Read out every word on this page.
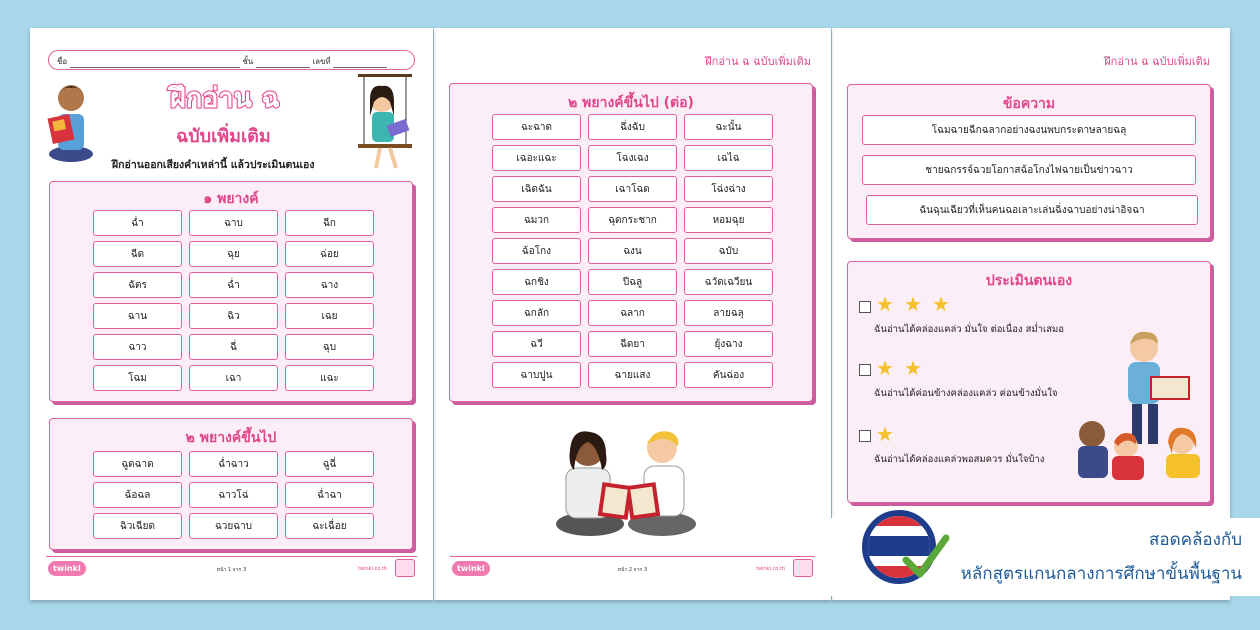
ชื่อ	ชั้น	เลขที่
ฝึกอ่าน ฉ
ฉบับเพิ่มเติม
ฝึกอ่านออกเสียงคำเหล่านี้ แล้วประเมินตนเอง
๑ พยางค์
ฉ่ำ	ฉาบ	ฉีก
ฉีด	ฉุย	ฉ่อย
ฉัตร	ฉ่ำ	ฉาง
ฉาน	ฉิว	เฉย
ฉาว	ฉี่	ฉุบ
โฉม	เฉา	แฉะ
๒ พยางค์ขึ้นไป
ฉูดฉาด	ฉ่ำฉาว	ฉูฉี่
ฉ้อฉล	ฉาวโฉ่	ฉ่ำฉา
ฉิวเฉียด	ฉวยฉาบ	ฉะเฉื่อย
twinkl	หน้า 1 จาก 3	twinkl.co.th
ฝึกอ่าน ฉ ฉบับเพิ่มเติม
๒ พยางค์ขึ้นไป (ต่อ)
ฉะฉาด	ฉึ่งฉับ	ฉะนั้น
เฉอะแฉะ	โฉงเฉง	เฉไฉ
เฉิดฉัน	เฉาโฉด	โฉ่งฉ่าง
ฉมวก	ฉุดกระชาก	หอมฉุย
ฉ้อโกง	ฉงน	ฉบับ
ฉกชิง	ปีฉลู	ฉวัดเฉวียน
ฉกลัก	ฉลาก	ลายฉลุ
ฉวี	ฉีดยา	ยุ้งฉาง
ฉาบปูน	ฉายแสง	คันฉ่อง
twinkl	หน้า 2 จาก 3	twinkl.co.th
ฝึกอ่าน ฉ ฉบับเพิ่มเติม
ข้อความ
โฉมฉายฉีกฉลากอย่างฉงนพบกระดาษลายฉลุ
ชายฉกรรจ์ฉวยโอกาสฉ้อโกงไฟฉายเป็นข่าวฉาว
ฉันฉุนเฉียวที่เห็นคนฉอเลาะเล่นฉิ่งฉาบอย่างน่าอิจฉา
ประเมินตนเอง
★ ★ ★
ฉันอ่านได้คล่องแคล่ว มั่นใจ ต่อเนื่อง สม่ำเสมอ
★ ★
ฉันอ่านได้ค่อนข้างคล่องแคล่ว ค่อนข้างมั่นใจ
★
ฉันอ่านได้คล่องแคล่วพอสมควร มั่นใจบ้าง
สอดคล้องกับ
หลักสูตรแกนกลางการศึกษาขั้นพื้นฐาน
